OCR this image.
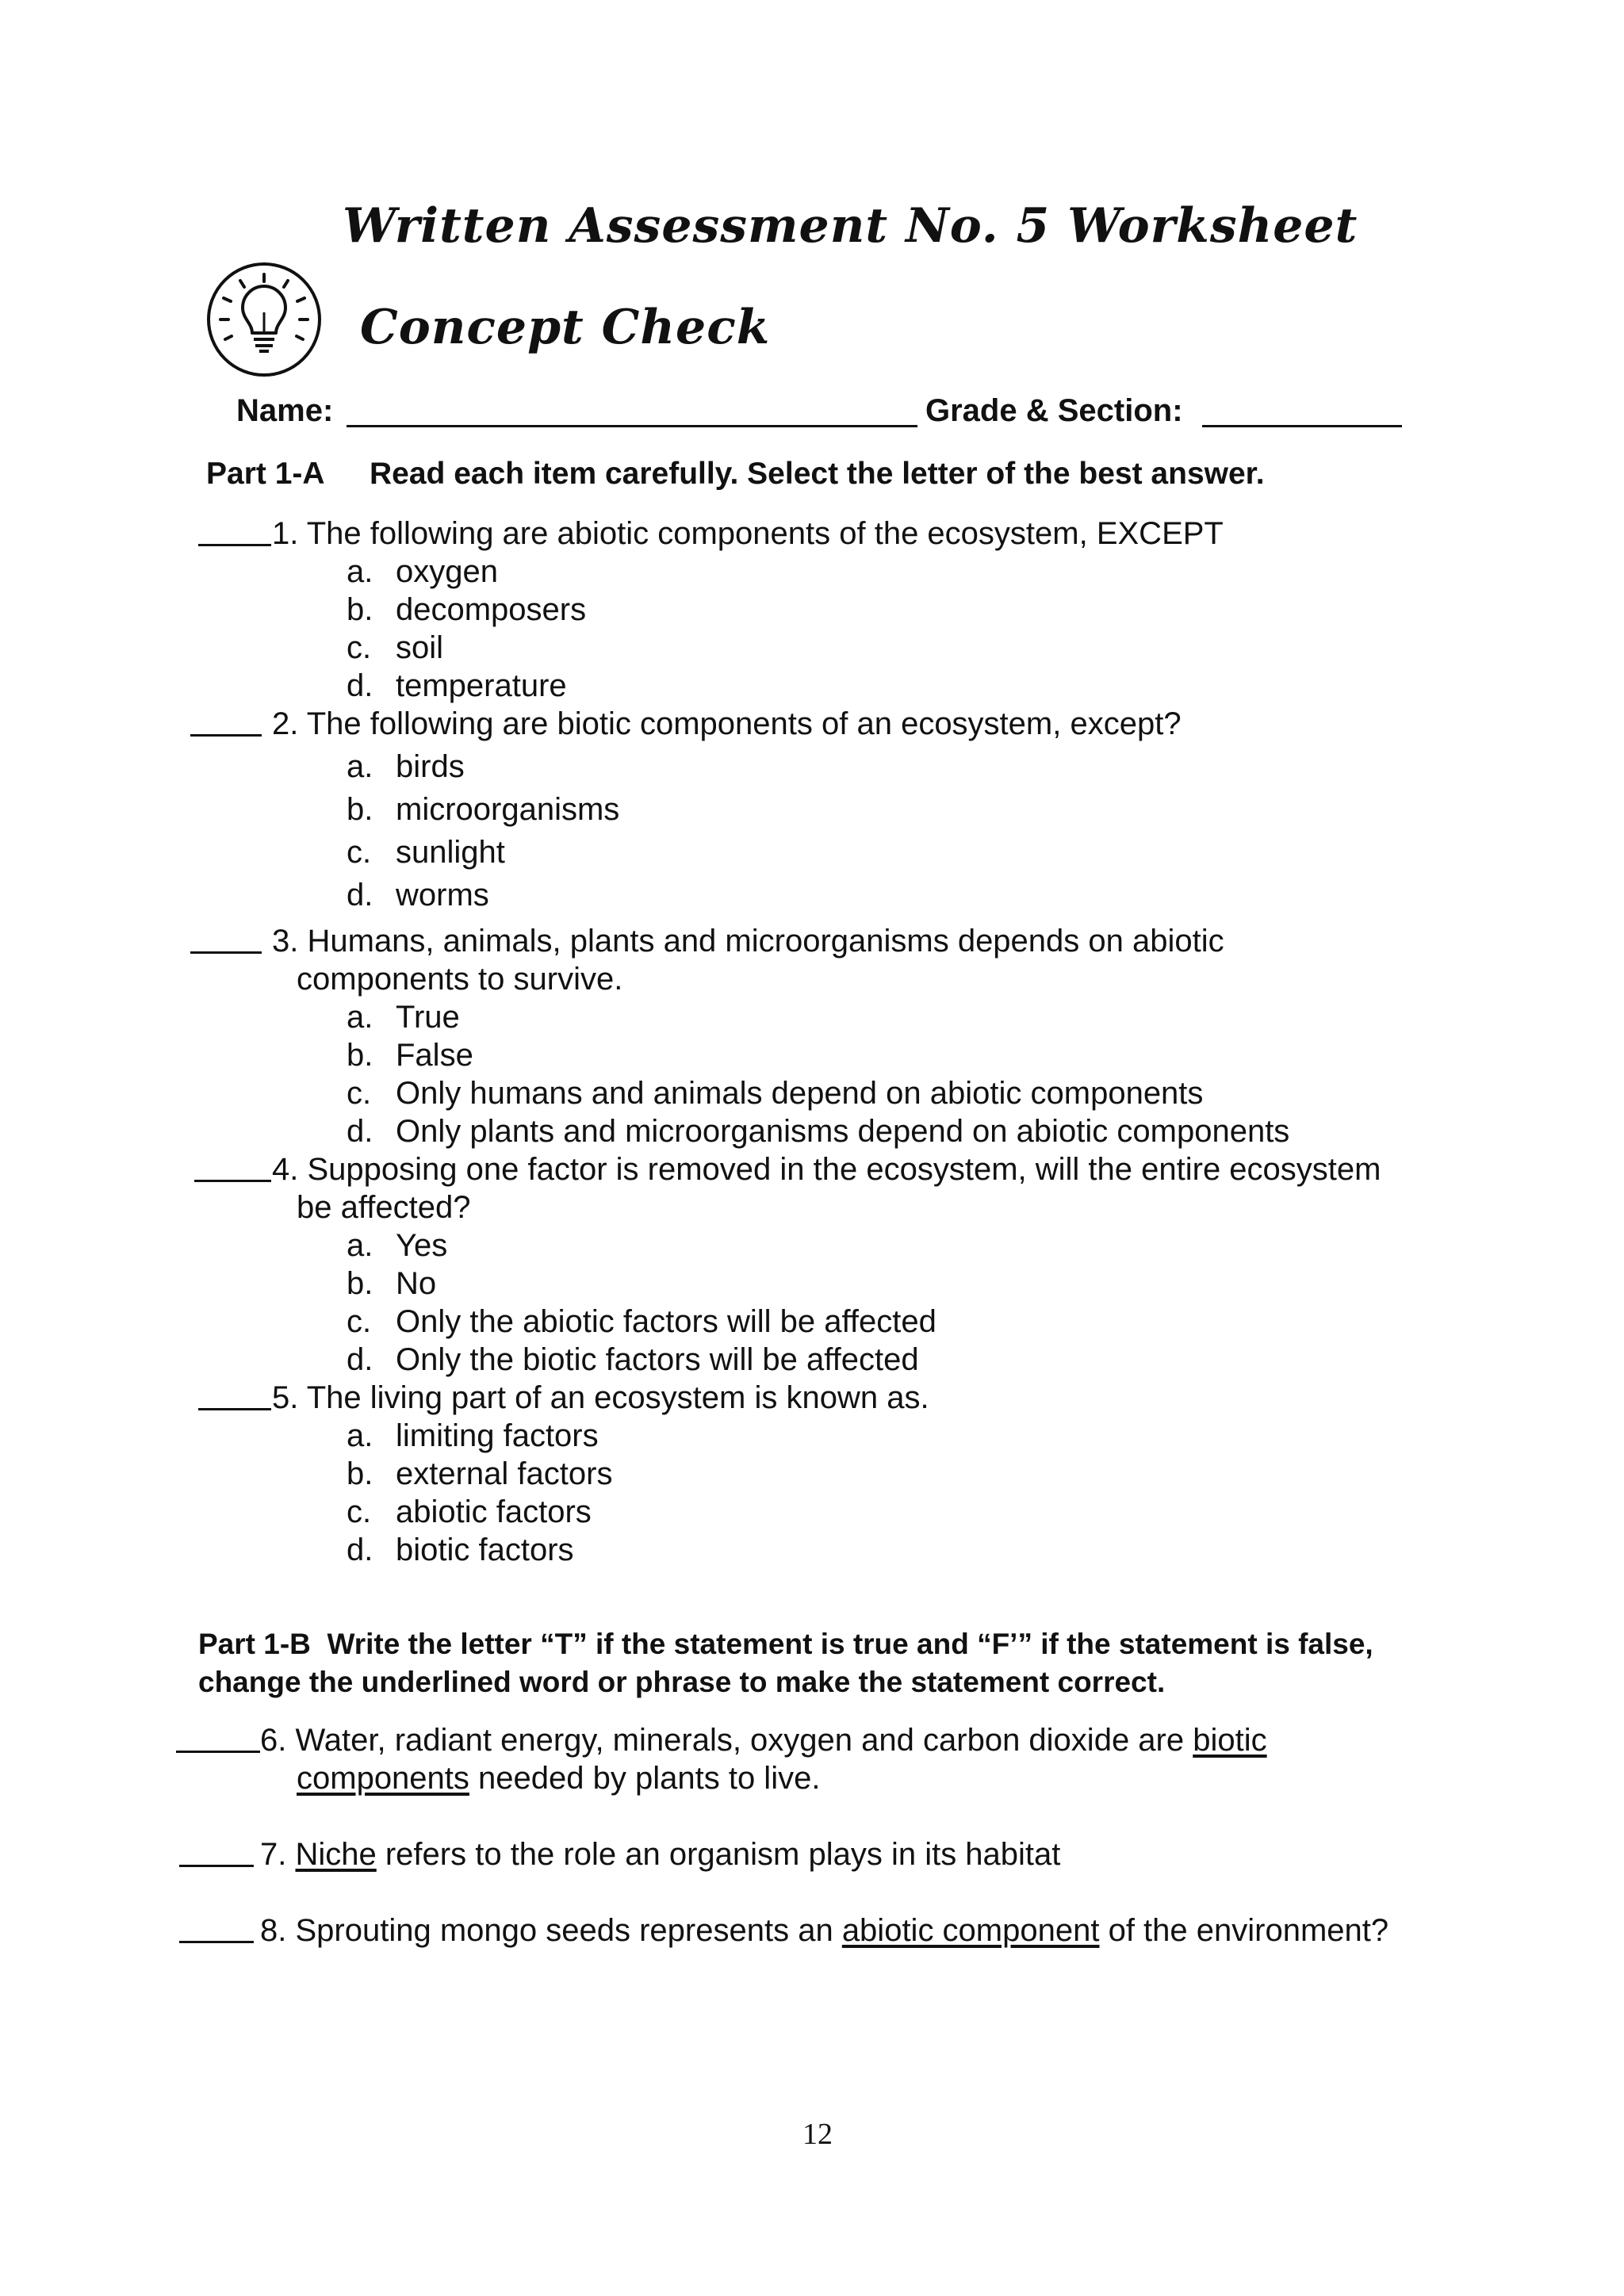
Written Assessment No. 5 Worksheet
Concept Check
Name:	Grade & Section:
Part 1-A Read each item carefully. Select the letter of the best answer.
1. The following are abiotic components of the ecosystem, EXCEPT
a. oxygen
b. decomposers
c. soil
d. temperature
2. The following are biotic components of an ecosystem, except?
a. birds
b. microorganisms
c. sunlight
d. worms
3. Humans, animals, plants and microorganisms depends on abiotic
components to survive.
a. True
b. False
c. Only humans and animals depend on abiotic components
d. Only plants and microorganisms depend on abiotic components
4. Supposing one factor is removed in the ecosystem, will the entire ecosystem
be affected?
a. Yes
b. No
c. Only the abiotic factors will be affected
d. Only the biotic factors will be affected
5. The living part of an ecosystem is known as.
a. limiting factors
b. external factors
c. abiotic factors
d. biotic factors
Part 1-B Write the letter “T” if the statement is true and “F’” if the statement is false, change the underlined word or phrase to make the statement correct.
6. Water, radiant energy, minerals, oxygen and carbon dioxide are biotic
components needed by plants to live.
7. Niche refers to the role an organism plays in its habitat
8. Sprouting mongo seeds represents an abiotic component of the environment?
12
